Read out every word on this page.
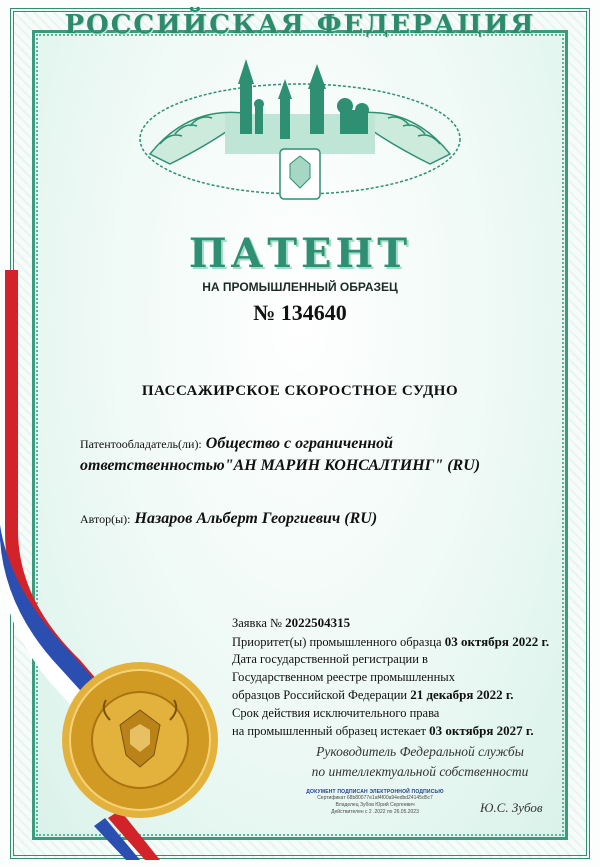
РОССИЙСКАЯ ФЕДЕРАЦИЯ
ПАТЕНТ
НА ПРОМЫШЛЕННЫЙ ОБРАЗЕЦ
№ 134640
ПАССАЖИРСКОЕ СКОРОСТНОЕ СУДНО
Патентообладатель(ли): Общество с ограниченной
ответственностью"АН МАРИН КОНСАЛТИНГ" (RU)
Автор(ы): Назаров Альберт Георгиевич (RU)
Заявка № 2022504315
Приоритет(ы) промышленного образца 03 октября 2022 г.
Дата государственной регистрации в
Государственном реестре промышленных
образцов Российской Федерации 21 декабря 2022 г.
Срок действия исключительного права
на промышленный образец истекает 03 октября 2027 г.
Руководитель Федеральной службы
по интеллектуальной собственности
ДОКУМЕНТ ПОДПИСАН ЭЛЕКТРОННОЙ ПОДПИСЬЮ
Сертификат 68b80077e1af4f00a94edbd24145d5c7
Владелец Зубов Юрий Сергеевич
Действителен с 2 .2022 по 26.05.2023	Ю.С. Зубов
